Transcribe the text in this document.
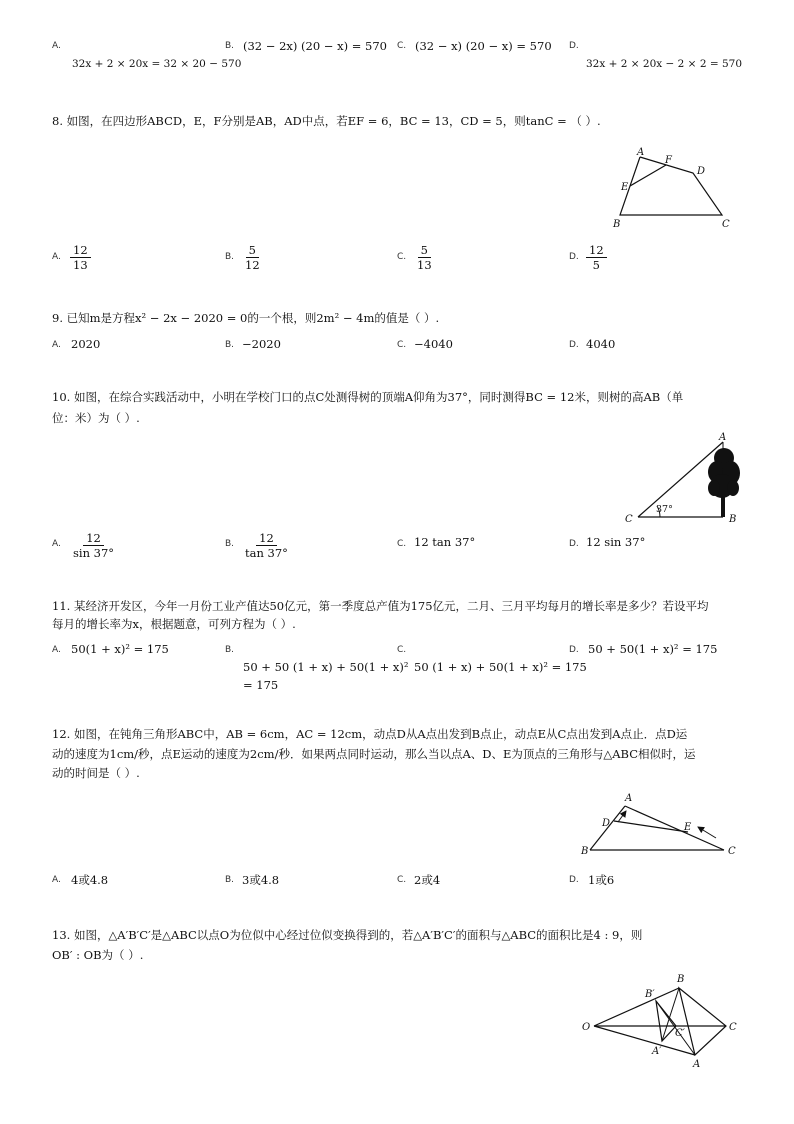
A.
32x + 2 × 20x = 32 × 20 − 570
B. (32 − 2x) (20 − x) = 570 C. (32 − x) (20 − x) = 570 D.
32x + 2 × 20x − 2 × 2 = 570
8. 如图，在四边形ABCD，E，F分别是AB，AD中点，若EF = 6，BC = 13，CD = 5，则tanC = （ ）.
A
F
D
E
B	C
A. $\frac{12}{13}$	B. $\frac{5}{12}$	C. $\frac{5}{13}$	D. $\frac{12}{5}$
9. 已知m是方程x² − 2x − 2020 = 0的一个根，则2m² − 4m的值是（ ）.
A. 2020	B. −2020	C. −4040	D. 4040
10. 如图，在综合实践活动中，小明在学校门口的点C处测得树的顶端A仰角为37°，同时测得BC = 12米，则树的高AB（单
位：米）为（ ）.
A
C	B
37°
A. $\frac{12}{\sin 37^\circ}$	B. $\frac{12}{\tan 37^\circ}$	C. 12 tan 37°	D. 12 sin 37°
11. 某经济开发区，今年一月份工业产值达50亿元，第一季度总产值为175亿元，二月、三月平均每月的增长率是多少？若设平均
每月的增长率为x，根据题意，可列方程为（ ）.
A. 50(1 + x)² = 175	B.
50 + 50 (1 + x) + 50(1 + x)²
= 175
C.
50 (1 + x) + 50(1 + x)² = 175
D. 50 + 50(1 + x)² = 175
12. 如图，在钝角三角形ABC中，AB = 6cm，AC = 12cm，动点D从A点出发到B点止，动点E从C点出发到A点止．点D运
动的速度为1cm/秒，点E运动的速度为2cm/秒．如果两点同时运动，那么当以点A、D、E为顶点的三角形与△ABC相似时，运
动的时间是（ ）.
A
D	E
B	C
A. 4或4.8	B. 3或4.8	C. 2或4	D. 1或6
13. 如图，△A′B′C′是△ABC以点O为位似中心经过位似变换得到的，若△A′B′C′的面积与△ABC的面积比是4 : 9，则
OB′ : OB为（ ）.
O
B
B′
C′
C
A′
A
